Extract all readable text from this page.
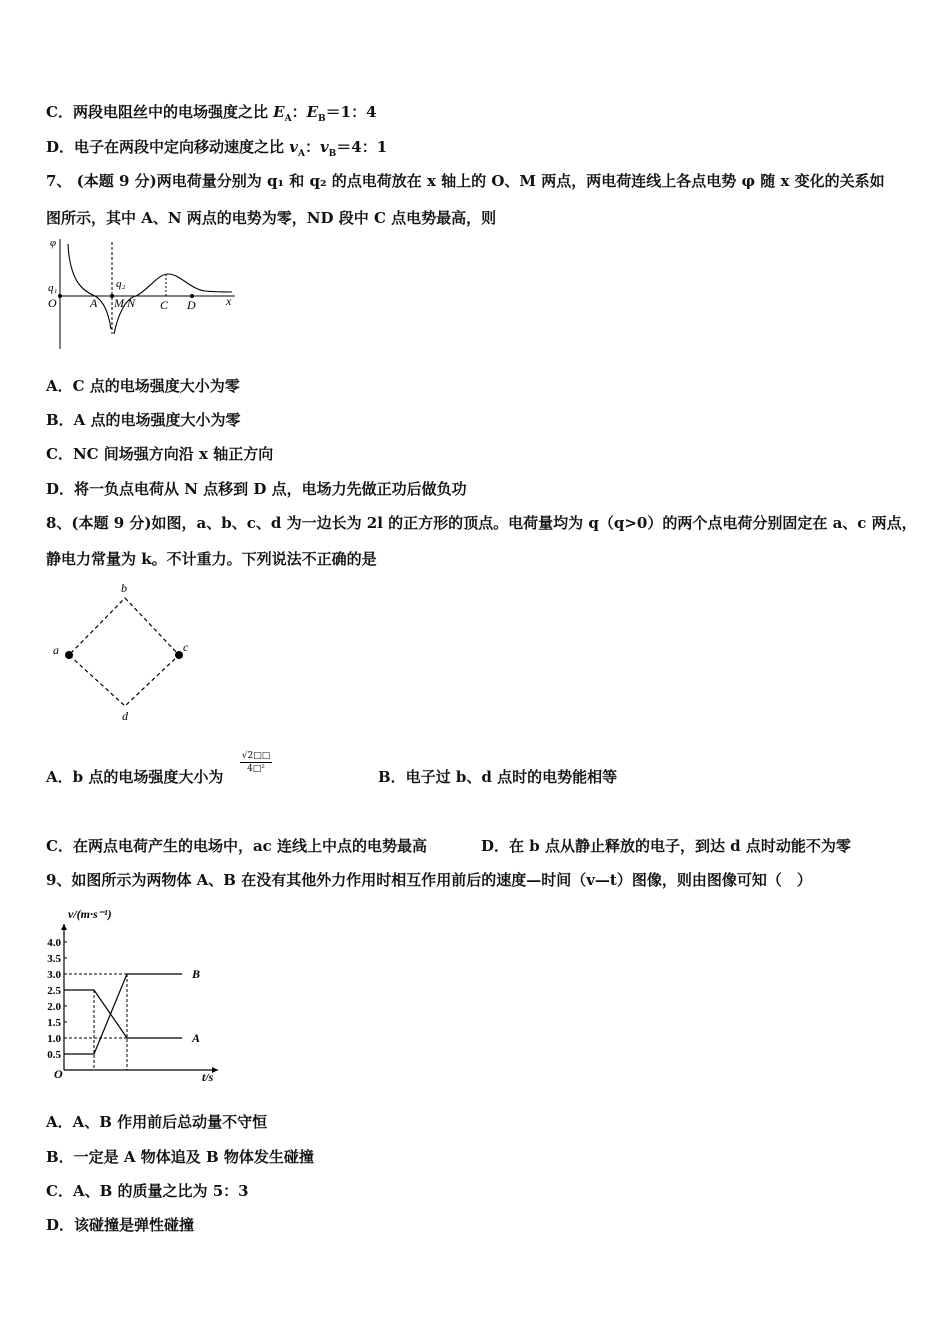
C．两段电阻丝中的电场强度之比 $E_A$：$E_B=1$：4
D．电子在两段中定向移动速度之比 $v_A$：$v_B=4$：1
7、 (本题 9 分)两电荷量分别为 q₁ 和 q₂ 的点电荷放在 x 轴上的 O、M 两点，两电荷连线上各点电势 φ 随 x 变化的关系如
图所示，其中 A、N 两点的电势为零，ND 段中 C 点电势最高，则
φ
q₁	q₂
O	A M N C D	x
A．C 点的电场强度大小为零
B．A 点的电场强度大小为零
C．NC 间场强方向沿 x 轴正方向
D．将一负点电荷从 N 点移到 D 点，电场力先做正功后做负功
8、(本题 9 分)如图，a、b、c、d 为一边长为 2l 的正方形的顶点。电荷量均为 q（q>0）的两个点电荷分别固定在 a、c 两点，
静电力常量为 k。不计重力。下列说法不正确的是
b
a	c
d
A．b 点的电场强度大小为
$\frac{√2□□}{\text{4□²}}$
B．电子过 b、d 点时的电势能相等
C．在两点电荷产生的电场中，ac 连线上中点的电势最高	D．在 b 点从静止释放的电子，到达 d 点时动能不为零
9、如图所示为两物体 A、B 在没有其他外力作用时相互作用前后的速度—时间（v—t）图像，则由图像可知（　）
0.5
1.0
1.5
2.0
2.5
3.0
3.5
4.0
A
B
v/(m·s⁻¹)
t/s
O
A．A、B 作用前后总动量不守恒
B．一定是 A 物体追及 B 物体发生碰撞
C．A、B 的质量之比为 5：3
D．该碰撞是弹性碰撞
